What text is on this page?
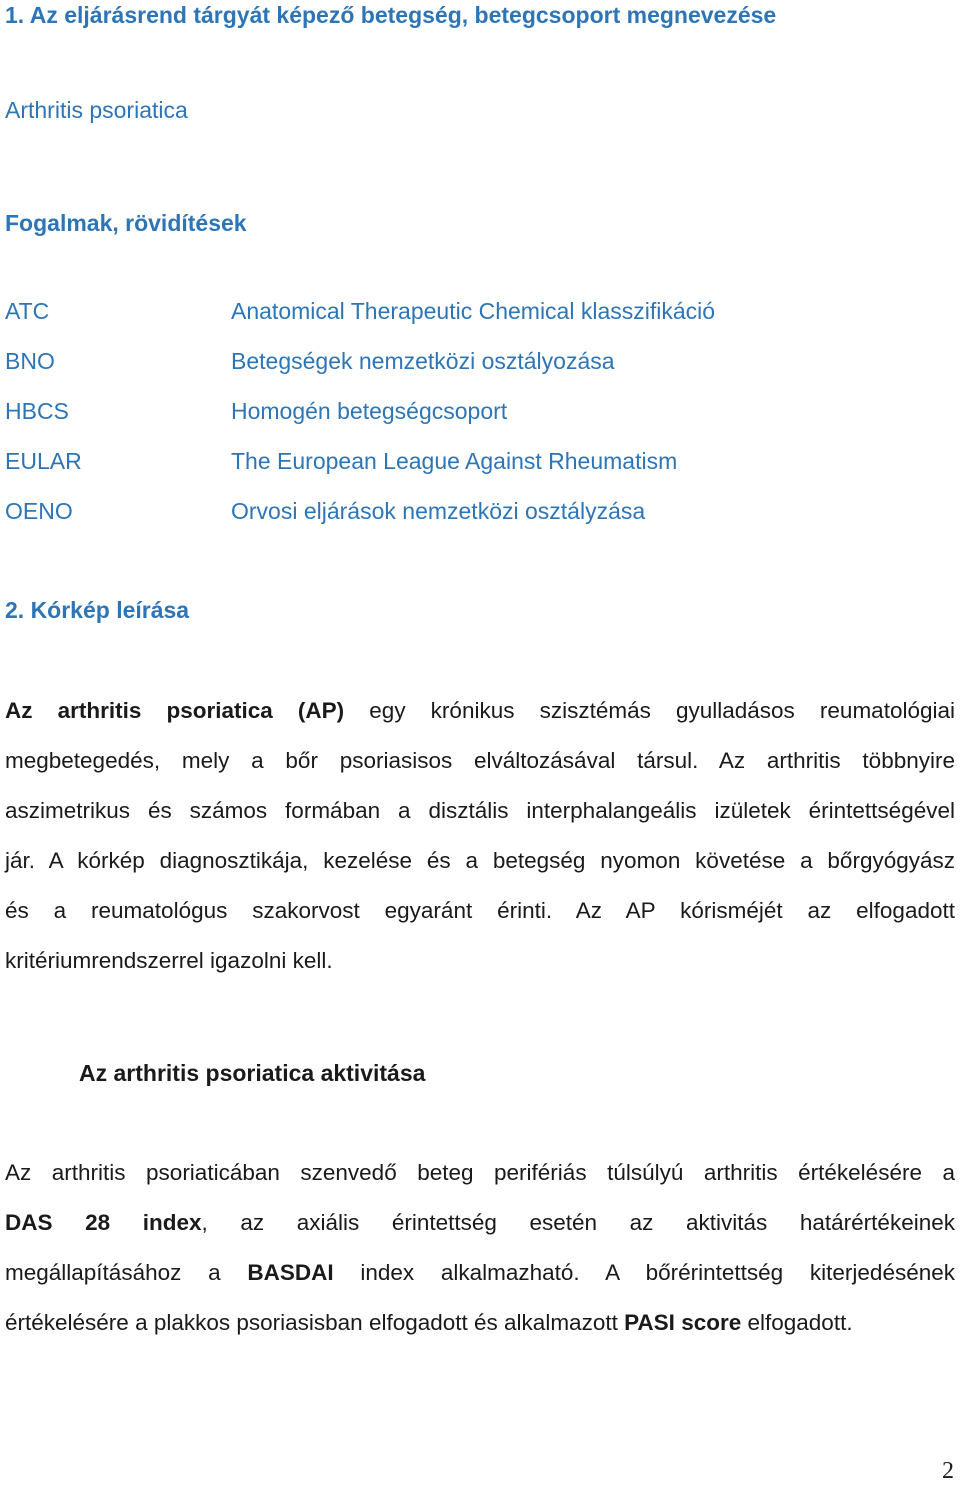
1. Az eljárásrend tárgyát képező betegség, betegcsoport megnevezése
Arthritis psoriatica
Fogalmak, rövidítések
ATC	Anatomical Therapeutic Chemical klasszifikáció
BNO	Betegségek nemzetközi osztályozása
HBCS	Homogén betegségcsoport
EULAR	The European League Against Rheumatism
OENO	Orvosi eljárások nemzetközi osztályzása
2. Kórkép leírása
Az arthritis psoriatica (AP) egy krónikus szisztémás gyulladásos reumatológiai
megbetegedés, mely a bőr psoriasisos elváltozásával társul. Az arthritis többnyire
aszimetrikus és számos formában a disztális interphalangeális izületek érintettségével
jár. A kórkép diagnosztikája, kezelése és a betegség nyomon követése a bőrgyógyász
és a reumatológus szakorvost egyaránt érinti. Az AP kórisméjét az elfogadott
kritériumrendszerrel igazolni kell.
Az arthritis psoriatica aktivitása
Az arthritis psoriaticában szenvedő beteg perifériás túlsúlyú arthritis értékelésére a
DAS 28 index, az axiális érintettség esetén az aktivitás határértékeinek
megállapításához a BASDAI index alkalmazható. A bőrérintettség kiterjedésének
értékelésére a plakkos psoriasisban elfogadott és alkalmazott PASI score elfogadott.
2
